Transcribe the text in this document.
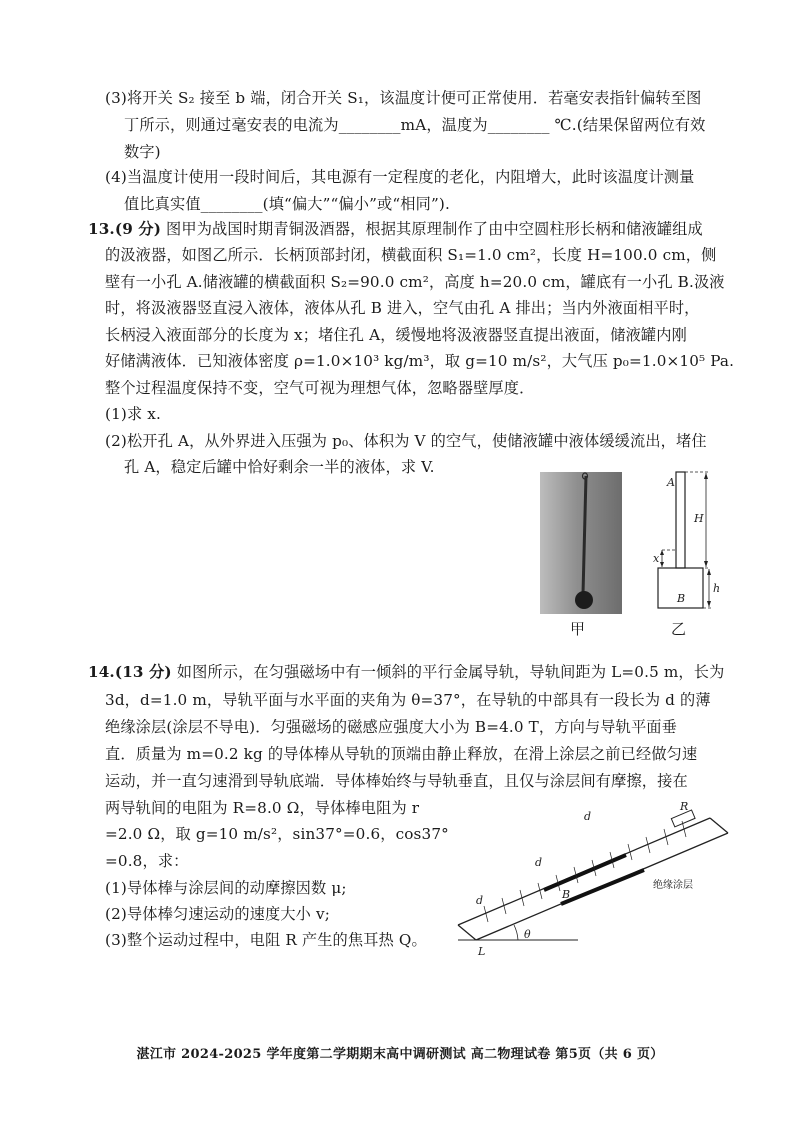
(3)将开关 S₂ 接至 b 端，闭合开关 S₁，该温度计便可正常使用．若毫安表指针偏转至图
丁所示，则通过毫安表的电流为________mA，温度为________ ℃.(结果保留两位有效
数字)
(4)当温度计使用一段时间后，其电源有一定程度的老化，内阻增大，此时该温度计测量
值比真实值________(填“偏大”“偏小”或“相同”).
13.(9 分) 图甲为战国时期青铜汲酒器，根据其原理制作了由中空圆柱形长柄和储液罐组成
的汲液器，如图乙所示．长柄顶部封闭，横截面积 S₁=1.0 cm²，长度 H=100.0 cm，侧
壁有一小孔 A.储液罐的横截面积 S₂=90.0 cm²，高度 h=20.0 cm，罐底有一小孔 B.汲液
时，将汲液器竖直浸入液体，液体从孔 B 进入，空气由孔 A 排出；当内外液面相平时，
长柄浸入液面部分的长度为 x；堵住孔 A，缓慢地将汲液器竖直提出液面，储液罐内刚
好储满液体．已知液体密度 ρ=1.0×10³ kg/m³，取 g=10 m/s²，大气压 p₀=1.0×10⁵ Pa.
整个过程温度保持不变，空气可视为理想气体，忽略器壁厚度．
(1)求 x.
(2)松开孔 A，从外界进入压强为 p₀、体积为 V 的空气，使储液罐中液体缓缓流出，堵住
孔 A，稳定后罐中恰好剩余一半的液体，求 V.
甲
A
H
x
h
B
乙
14.(13 分) 如图所示，在匀强磁场中有一倾斜的平行金属导轨，导轨间距为 L=0.5 m，长为
3d，d=1.0 m，导轨平面与水平面的夹角为 θ=37°，在导轨的中部具有一段长为 d 的薄
绝缘涂层(涂层不导电)．匀强磁场的磁感应强度大小为 B=4.0 T，方向与导轨平面垂
直．质量为 m=0.2 kg 的导体棒从导轨的顶端由静止释放，在滑上涂层之前已经做匀速
运动，并一直匀速滑到导轨底端．导体棒始终与导轨垂直，且仅与涂层间有摩擦，接在
两导轨间的电阻为 R=8.0 Ω，导体棒电阻为 r
=2.0 Ω，取 g=10 m/s²，sin37°=0.6，cos37°
=0.8，求：
(1)导体棒与涂层间的动摩擦因数 μ;
(2)导体棒匀速运动的速度大小 v;
(3)整个运动过程中，电阻 R 产生的焦耳热 Q。
R
d
d
d	B
L
θ
绝缘涂层
湛江市 2024-2025 学年度第二学期期末高中调研测试 高二物理试卷 第5页（共 6 页）
